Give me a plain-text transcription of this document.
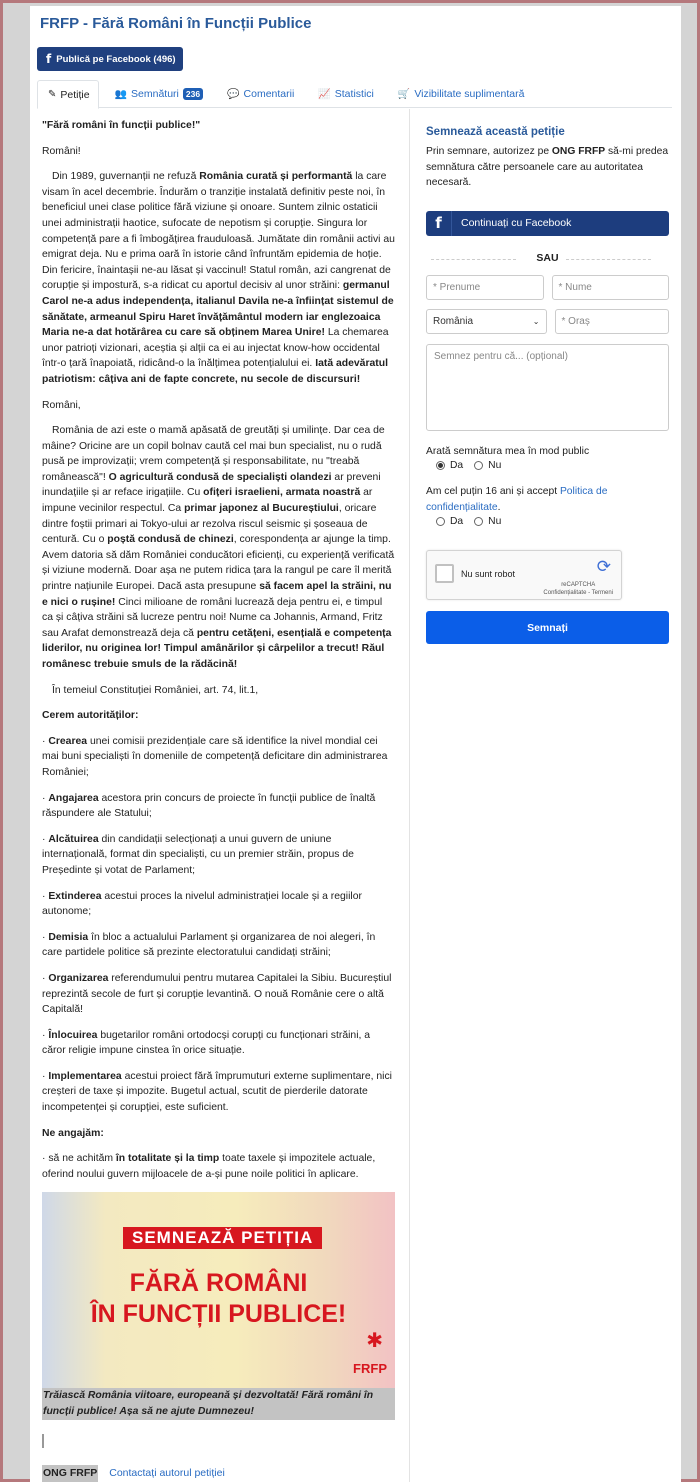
FRFP - Fără Români în Funcții Publice
f Publică pe Facebook (496)
✎ Petiție	👥 Semnături 236	💬 Comentarii 📈 Statistici 🛒 Vizibilitate suplimentară

"Fără români în funcții publice!"

Români!

Din 1989, guvernanții ne refuză România curată și performantă la care visam în acel decembrie. Îndurăm o tranziție instalată definitiv peste noi, în beneficiul unei clase politice fără viziune și onoare. Suntem zilnic ostaticii unei administrații haotice, sufocate de nepotism și corupție. Singura lor competență pare a fi îmbogățirea frauduloasă. Jumătate din românii activi au emigrat deja. Nu e prima oară în istorie când înfruntăm epidemia de hoție. Din fericire, înaintașii ne-au lăsat și vaccinul! Statul român, azi cangrenat de corupție și impostură, s-a ridicat cu aportul decisiv al unor străini: germanul Carol ne-a adus independența, italianul Davila ne-a înființat sistemul de sănătate, armeanul Spiru Haret învățământul modern iar englezoaica Maria ne-a dat hotărârea cu care să obținem Marea Unire! La chemarea unor patrioți vizionari, aceștia și alții ca ei au injectat know-how occidental într-o țară înapoiată, ridicând-o la înălțimea potențialului ei. Iată adevăratul patriotism: câțiva ani de fapte concrete, nu secole de discursuri!

Români,

România de azi este o mamă apăsată de greutăți și umilințe. Dar cea de mâine? Oricine are un copil bolnav caută cel mai bun specialist, nu o rudă pusă pe improvizații; vrem competență și responsabilitate, nu "treabă românească"! O agricultură condusă de specialiști olandezi ar preveni inundațiile și ar reface irigațiile. Cu ofițeri israelieni, armata noastră ar impune vecinilor respectul. Ca primar japonez al Bucureștiului, oricare dintre foștii primari ai Tokyo-ului ar rezolva riscul seismic și șoseaua de centură. Cu o poștă condusă de chinezi, corespondența ar ajunge la timp. Avem datoria să dăm României conducători eficienți, cu experiență verificată și viziune modernă. Doar așa ne putem ridica țara la rangul pe care îl merită printre națiunile Europei. Dacă asta presupune să facem apel la străini, nu e nici o rușine! Cinci milioane de români lucrează deja pentru ei, e timpul ca și câțiva străini să lucreze pentru noi! Nume ca Johannis, Armand, Fritz sau Arafat demonstrează deja că pentru cetățeni, esențială e competența liderilor, nu originea lor! Timpul amânărilor și cârpelilor a trecut! Răul românesc trebuie smuls de la rădăcină!

În temeiul Constituției României, art. 74, lit.1,

Cerem autorităților:

· Crearea unei comisii prezidențiale care să identifice la nivel mondial cei mai buni specialiști în domeniile de competență deficitare din administrarea României;

· Angajarea acestora prin concurs de proiecte în funcții publice de înaltă răspundere ale Statului;

· Alcătuirea din candidații selecționați a unui guvern de uniune internațională, format din specialiști, cu un premier străin, propus de Președinte și votat de Parlament;

· Extinderea acestui proces la nivelul administrației locale și a regiilor autonome;

· Demisia în bloc a actualului Parlament și organizarea de noi alegeri, în care partidele politice să prezinte electoratului candidați străini;

· Organizarea referendumului pentru mutarea Capitalei la Sibiu. Bucureștiul reprezintă secole de furt și corupție levantină. O nouă Românie cere o altă Capitală!

· Înlocuirea bugetarilor români ortodocși corupți cu funcționari străini, a căror religie impune cinstea în orice situație.

· Implementarea acestui proiect fără împrumuturi externe suplimentare, nici creșteri de taxe și impozite. Bugetul actual, scutit de pierderile datorate incompetenței și corupției, este suficient.

Ne angajăm:

· să ne achităm în totalitate și la timp toate taxele și impozitele actuale, oferind noului guvern mijloacele de a-și pune noile politici în aplicare.

SEMNEAZĂ PETIȚIA
FĂRĂ ROMÂNI
ÎN FUNCȚII PUBLICE!
✱
FRFP
Trăiască România viitoare, europeană și dezvoltată! Fără români în
funcții publice! Așa să ne ajute Dumnezeu!
ONG FRFP Contactați autorul petiției
Semnează această petiție
Prin semnare, autorizez pe ONG FRFP să-mi predea semnătura către persoanele care au autoritatea necesară.
f	Continuați cu Facebook
SAU
* Prenume	* Nume
România	⌄	* Oraș
Semnez pentru că... (opțional)
Arată semnătura mea în mod public
Da Nu
Am cel puțin 16 ani și accept Politica de confidențialitate.
Da Nu
Nu sunt robot	⟳
reCAPTCHA
Confidențialitate - Termeni
Semnați
